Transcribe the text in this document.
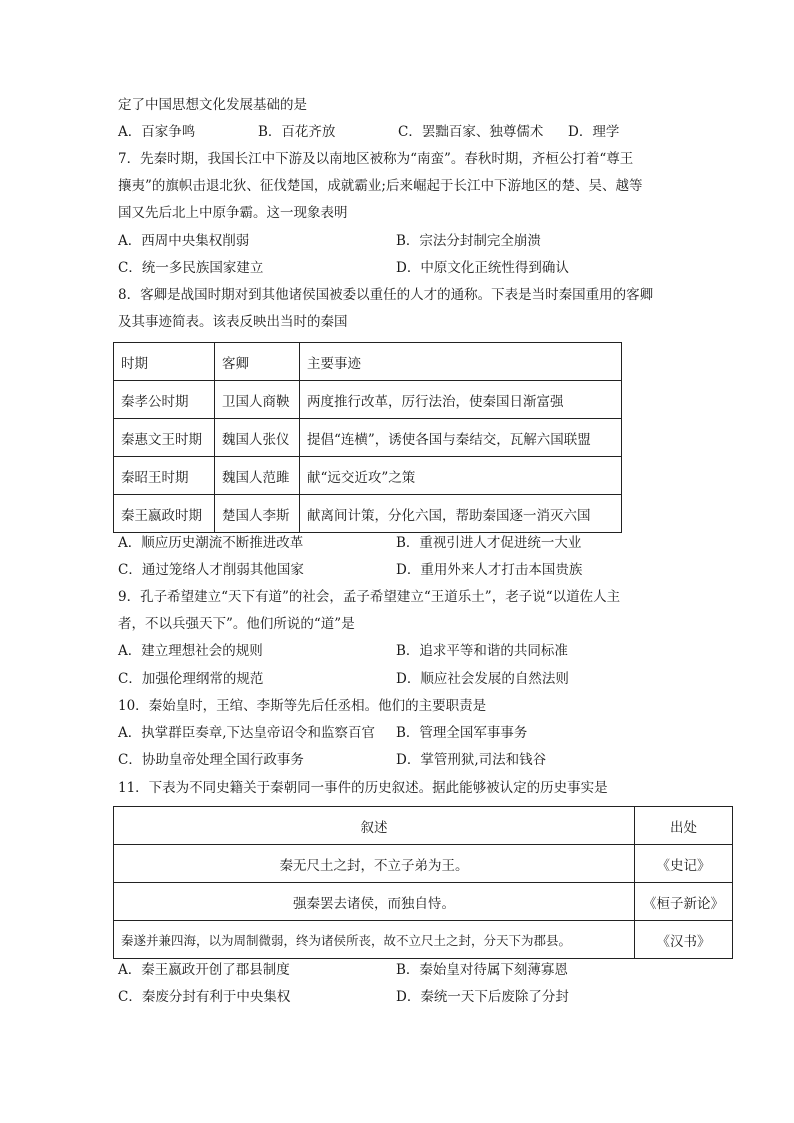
定了中国思想文化发展基础的是
A．百家争鸣	B．百花齐放	C．罢黜百家、独尊儒术 D．理学
7．先秦时期，我国长江中下游及以南地区被称为“南蛮”。春秋时期，齐桓公打着“尊王
攘夷”的旗帜击退北狄、征伐楚国，成就霸业;后来崛起于长江中下游地区的楚、吴、越等
国又先后北上中原争霸。这一现象表明
A．西周中央集权削弱	B．宗法分封制完全崩溃
C．统一多民族国家建立	D．中原文化正统性得到确认
8．客卿是战国时期对到其他诸侯国被委以重任的人才的通称。下表是当时秦国重用的客卿
及其事迹简表。该表反映出当时的秦国
时期	客卿	主要事迹
秦孝公时期	卫国人商鞅	两度推行改革，厉行法治，使秦国日渐富强
秦惠文王时期	魏国人张仪	提倡“连横”，诱使各国与秦结交，瓦解六国联盟
秦昭王时期	魏国人范雎	献“远交近攻”之策
秦王嬴政时期	楚国人李斯	献离间计策，分化六国，帮助秦国逐一消灭六国
A．顺应历史潮流不断推进改革	B．重视引进人才促进统一大业
C．通过笼络人才削弱其他国家	D．重用外来人才打击本国贵族
9．孔子希望建立“天下有道”的社会，孟子希望建立“王道乐土”，老子说“以道佐人主
者，不以兵强天下”。他们所说的“道”是
A．建立理想社会的规则	B．追求平等和谐的共同标准
C．加强伦理纲常的规范	D．顺应社会发展的自然法则
10．秦始皇时，王绾、李斯等先后任丞相。他们的主要职责是
A．执掌群臣奏章,下达皇帝诏令和监察百官 B．管理全国军事事务
C．协助皇帝处理全国行政事务	D．掌管刑狱,司法和钱谷
11．下表为不同史籍关于秦朝同一事件的历史叙述。据此能够被认定的历史事实是
叙述	出处
秦无尺土之封，不立子弟为王。	《史记》
强秦罢去诸侯，而独自恃。	《桓子新论》
秦遂并兼四海，以为周制微弱，终为诸侯所丧，故不立尺土之封，分天下为郡县。	《汉书》
A．秦王嬴政开创了郡县制度	B．秦始皇对待属下刻薄寡恩
C．秦废分封有利于中央集权	D．秦统一天下后废除了分封
